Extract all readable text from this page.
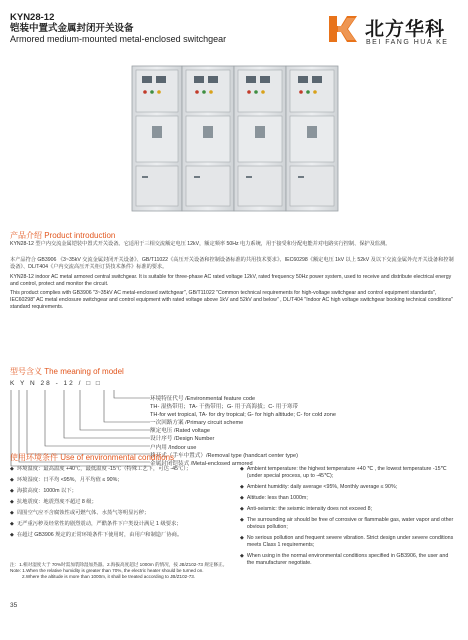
KYN28-12
铠装中置式金属封闭开关设备
Armored medium-mounted metal-enclosed switchgear	北方华科
BEI FANG HUA KE
产品介绍 Product introduction
KYN28-12 型户内交流金属铠装中置式开关设备。它适用于三相交流额定电压 12kV，额定频率 50Hz 电力系统，用于接受和分配电能并对电路实行控制、保护及监测。
本产品符合 GB3906 《3~35kV 交流金属封闭开关设备》、GB/T11022《高压开关设备和控制设备标准的共用技术要求》、IEC60298《额定电压 1kV 以上 52kV 及以下交流金属外壳开关设备和控制设备》、DL/T404《户内交流高压开关柜订货技术条件》标准的要求。
KYN28-12 indoor AC metal armored central switchgear. It is suitable for three-phase AC rated voltage 12kV, rated frequency 50Hz power system, used to receive and distribute electrical energy and control, protect and monitor the circuit.
This product complies with GB3906 "3~35kV AC metal-enclosed switchgear", GB/T11022 "Common technical requirements for high-voltage switchgear and control equipment standards", IEC60298" AC metal enclosure switchgear and control equipment with rated voltage above 1kV and 52kV and below" , DL/T404 "Indoor AC high voltage switchgear booking technical conditions" standard requirements.
型号含义 The meaning of model
K Y N 28 - 12 / □ □
环境特征代号 /Environmental feature code
TH- 湿热带用；TA- 干热带用；G- 用于高海拔；C- 用于寒带
TH-for wet tropical, TA- for dry tropical; G- for high altitude; C- for cold zone
一次回路方案 /Primary circuit scheme
额定电压 /Rated voltage
设计序号 /Design Number
户内用 /Indoor use
移开式（手车中置式）/Removal type (handcart center type)
金属封闭铠装式 /Metal-enclosed armored
使用环境条件 Use of environmental conditions
◆ 环境温度：最高温度 +40℃，最低温度 -15℃（特殊工艺下，可达 -45℃）；
◆ 环境湿度：日平均 <95%，月平均值 ≤ 90%；
◆ 海拔高度：1000m 以下；
◆ 抗地震度：地震烈度不超过 8 级；
◆ 周围空气应不含腐蚀性或可燃气体、水蒸气等明显污秽；
◆ 无严重污秽及经常性的剧烈震动，严酷条件下户类设计满足 1 级要求；
◆ 在超过 GB3906 规定的正常环境条件下使用时，由用户和制造厂协商。
◆ Ambient temperature: the highest temperature +40 ℃ , the lowest temperature -15℃ (under special process, up to -45℃);
◆ Ambient humidity: daily average <95%, Monthly average ≤ 90%;
◆ Altitude: less than 1000m;
◆ Anti-seismic: the seismic intensity does not exceed 8;
◆ The surrounding air should be free of corrosive or flammable gas, water vapor and other obvious pollution;
◆ No serious pollution and frequent severe vibration. Strict design under severe conditions meets Class 1 requirements;
◆ When using in the normal environmental conditions specified in GB3906, the user and the manufacturer negotiate.
注：1.相对湿度大于 70%时需加装除湿加热器。2.海拔高度超过 1000m 的情况，按 JB/Z102-73 规定修正。
Note: 1.When the relative humidity is greater than 70%, the electric heater should be turned on.
2.Where the altitude is more than 1000m, it shall be treated according to JB/Z102-73.
35
